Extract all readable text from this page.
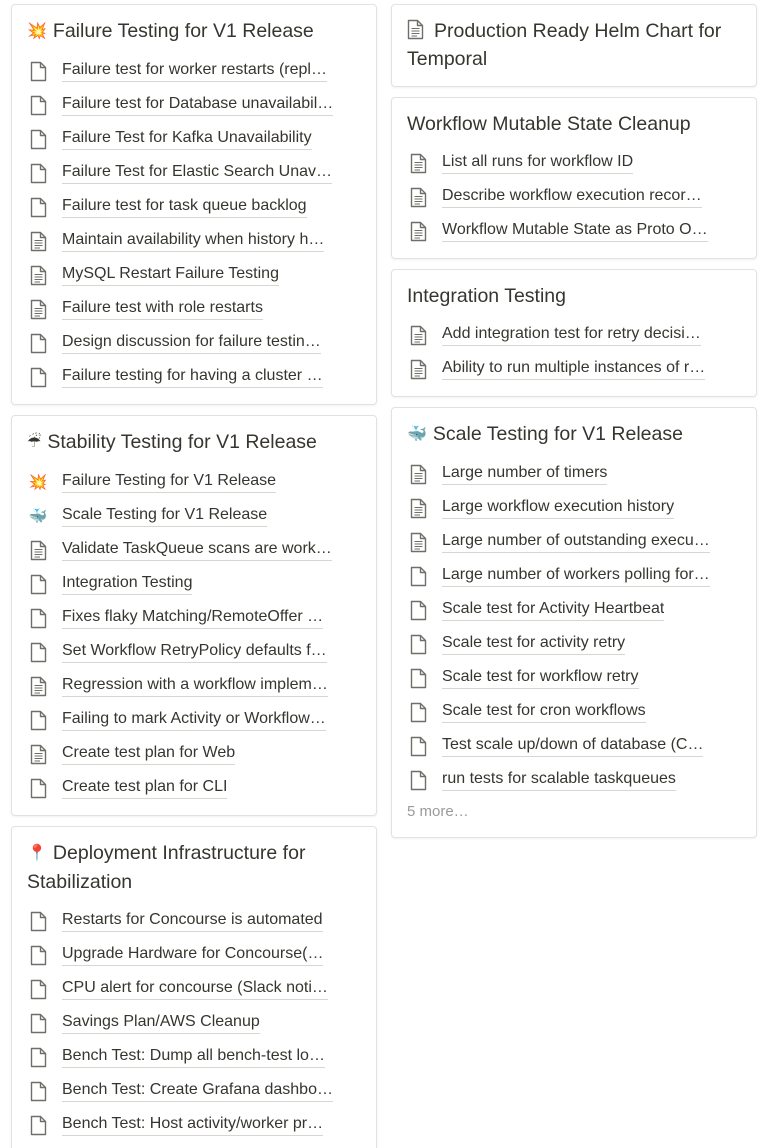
💥 Failure Testing for V1 Release
Failure test for worker restarts (repl…
Failure test for Database unavailabil…
Failure Test for Kafka Unavailability
Failure Test for Elastic Search Unav…
Failure test for task queue backlog
Maintain availability when history h…
MySQL Restart Failure Testing
Failure test with role restarts
Design discussion for failure testin…
Failure testing for having a cluster …
☔ Stability Testing for V1 Release
💥 Failure Testing for V1 Release
🐳 Scale Testing for V1 Release
Validate TaskQueue scans are work…
Integration Testing
Fixes flaky Matching/RemoteOffer …
Set Workflow RetryPolicy defaults f…
Regression with a workflow implem…
Failing to mark Activity or Workflow…
Create test plan for Web
Create test plan for CLI
📍 Deployment Infrastructure for Stabilization
Restarts for Concourse is automated
Upgrade Hardware for Concourse(…
CPU alert for concourse (Slack noti…
Savings Plan/AWS Cleanup
Bench Test: Dump all bench-test lo…
Bench Test: Create Grafana dashbo…
Bench Test: Host activity/worker pr…
Production Ready Helm Chart for Temporal
Workflow Mutable State Cleanup
List all runs for workflow ID
Describe workflow execution recor…
Workflow Mutable State as Proto O…
Integration Testing
Add integration test for retry decisi…
Ability to run multiple instances of r…
🐳 Scale Testing for V1 Release
Large number of timers
Large workflow execution history
Large number of outstanding execu…
Large number of workers polling for…
Scale test for Activity Heartbeat
Scale test for activity retry
Scale test for workflow retry
Scale test for cron workflows
Test scale up/down of database (C…
run tests for scalable taskqueues
5 more…
